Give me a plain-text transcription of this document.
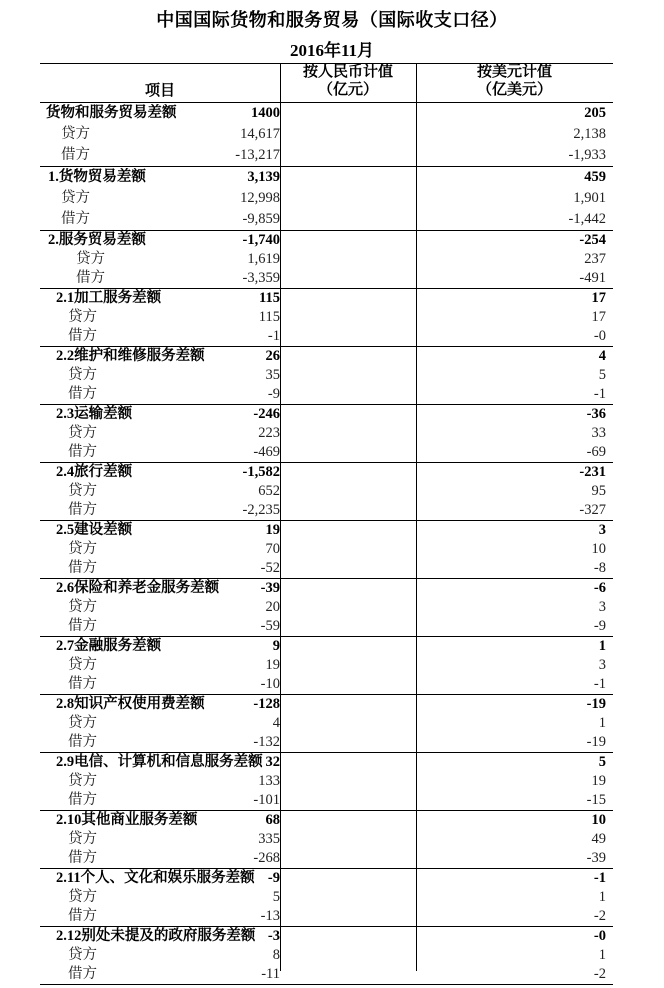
中国国际货物和服务贸易（国际收支口径）
2016年11月
项目
按人民币计值
（亿元）
按美元计值
（亿美元）
货物和服务贸易差额	1400	205
贷方	14,617	2,138
借方	-13,217	-1,933
1.货物贸易差额	3,139	459
贷方	12,998	1,901
借方	-9,859	-1,442
2.服务贸易差额	-1,740	-254
贷方	1,619	237
借方	-3,359	-491
2.1加工服务差额	115	17
贷方	115	17
借方	-1	-0
2.2维护和维修服务差额	26	4
贷方	35	5
借方	-9	-1
2.3运输差额	-246	-36
贷方	223	33
借方	-469	-69
2.4旅行差额	-1,582	-231
贷方	652	95
借方	-2,235	-327
2.5建设差额	19	3
贷方	70	10
借方	-52	-8
2.6保险和养老金服务差额	-39	-6
贷方	20	3
借方	-59	-9
2.7金融服务差额	9	1
贷方	19	3
借方	-10	-1
2.8知识产权使用费差额	-128	-19
贷方	4	1
借方	-132	-19
2.9电信、计算机和信息服务差额 32	5
贷方	133	19
借方	-101	-15
2.10其他商业服务差额	68	10
贷方	335	49
借方	-268	-39
2.11个人、文化和娱乐服务差额 -9	-1
贷方	5	1
借方	-13	-2
2.12别处未提及的政府服务差额 -3	-0
贷方	8	1
借方	-11	-2
